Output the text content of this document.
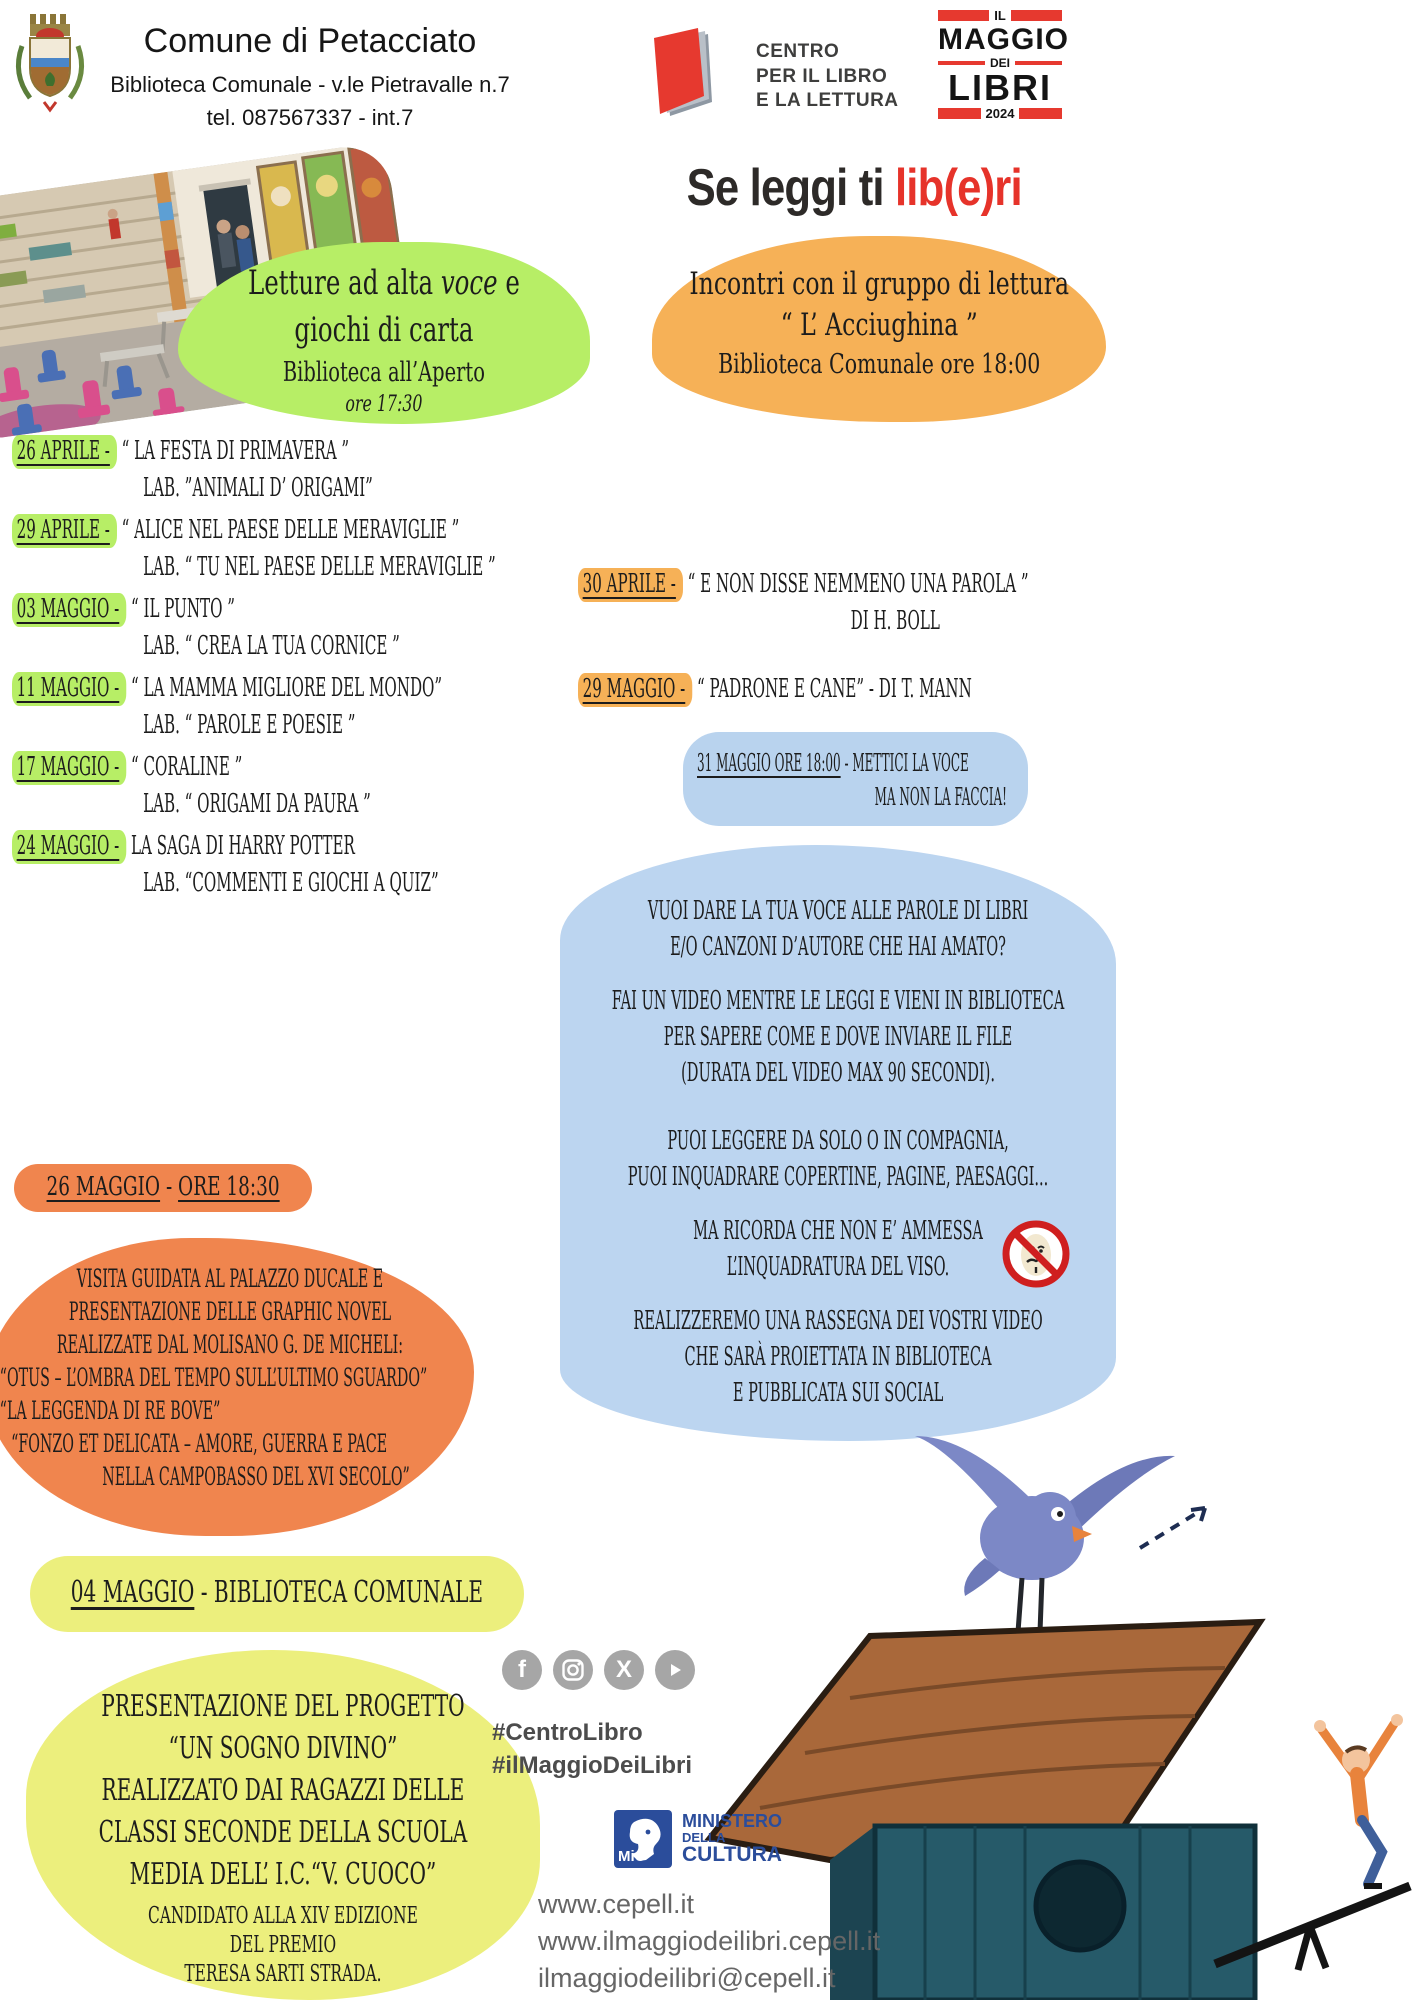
Comune di Petacciato
Biblioteca Comunale - v.le Pietravalle n.7
tel. 087567337 - int.7
CENTRO
PER IL LIBRO
E LA LETTURA
IL
MAGGIO
DEI
LIBRI
2024
Se leggi ti lib(e)ri
Letture ad alta voce e
giochi di carta
Biblioteca all’Aperto
ore 17:30
Incontri con il gruppo di lettura
“ L’ Acciughina ”
Biblioteca Comunale ore 18:00
26 APRILE - “ LA FESTA DI PRIMAVERA ”
LAB. ”ANIMALI D’ ORIGAMI”
29 APRILE - “ ALICE NEL PAESE DELLE MERAVIGLIE ”
LAB. “ TU NEL PAESE DELLE MERAVIGLIE ”
03 MAGGIO - “ IL PUNTO ”
LAB. “ CREA LA TUA CORNICE ”
11 MAGGIO - “ LA MAMMA MIGLIORE DEL MONDO”
LAB. “ PAROLE E POESIE ”
17 MAGGIO - “ CORALINE ”
LAB. “ ORIGAMI DA PAURA ”
24 MAGGIO - LA SAGA DI HARRY POTTER
LAB. “COMMENTI E GIOCHI A QUIZ”
30 APRILE - “ E NON DISSE NEMMENO UNA PAROLA ”
DI H. BOLL
29 MAGGIO - “ PADRONE E CANE” - DI T. MANN
31 MAGGIO ORE 18:00 - METTICI LA VOCE
MA NON LA FACCIA!
VUOI DARE LA TUA VOCE ALLE PAROLE DI LIBRI
E/O CANZONI D’AUTORE CHE HAI AMATO?
FAI UN VIDEO MENTRE LE LEGGI E VIENI IN BIBLIOTECA
PER SAPERE COME E DOVE INVIARE IL FILE
(DURATA DEL VIDEO MAX 90 SECONDI).
PUOI LEGGERE DA SOLO O IN COMPAGNIA,
PUOI INQUADRARE COPERTINE, PAGINE, PAESAGGI...
MA RICORDA CHE NON E’ AMMESSA
L’INQUADRATURA DEL VISO.
REALIZZEREMO UNA RASSEGNA DEI VOSTRI VIDEO
CHE SARÀ PROIETTATA IN BIBLIOTECA
E PUBBLICATA SUI SOCIAL
26 MAGGIO - ORE 18:30
VISITA GUIDATA AL PALAZZO DUCALE E
PRESENTAZIONE DELLE GRAPHIC NOVEL
REALIZZATE DAL MOLISANO G. DE MICHELI:
“OTUS – L’OMBRA DEL TEMPO SULL’ULTIMO SGUARDO”
“LA LEGGENDA DI RE BOVE”
“FONZO ET DELICATA – AMORE, GUERRA E PACE
NELLA CAMPOBASSO DEL XVI SECOLO”
04 MAGGIO - BIBLIOTECA COMUNALE
PRESENTAZIONE DEL PROGETTO
“UN SOGNO DIVINO”
REALIZZATO DAI RAGAZZI DELLE
CLASSI SECONDE DELLA SCUOLA
MEDIA DELL’ I.C.“V. CUOCO”
CANDIDATO ALLA XIV EDIZIONE
DEL PREMIO
TERESA SARTI STRADA.
f	X
#CentroLibro
#ilMaggioDeiLibri
MiC
MINISTERO
DELLA
CULTURA
www.cepell.it
www.ilmaggiodeilibri.cepell.it
ilmaggiodeilibri@cepell.it
